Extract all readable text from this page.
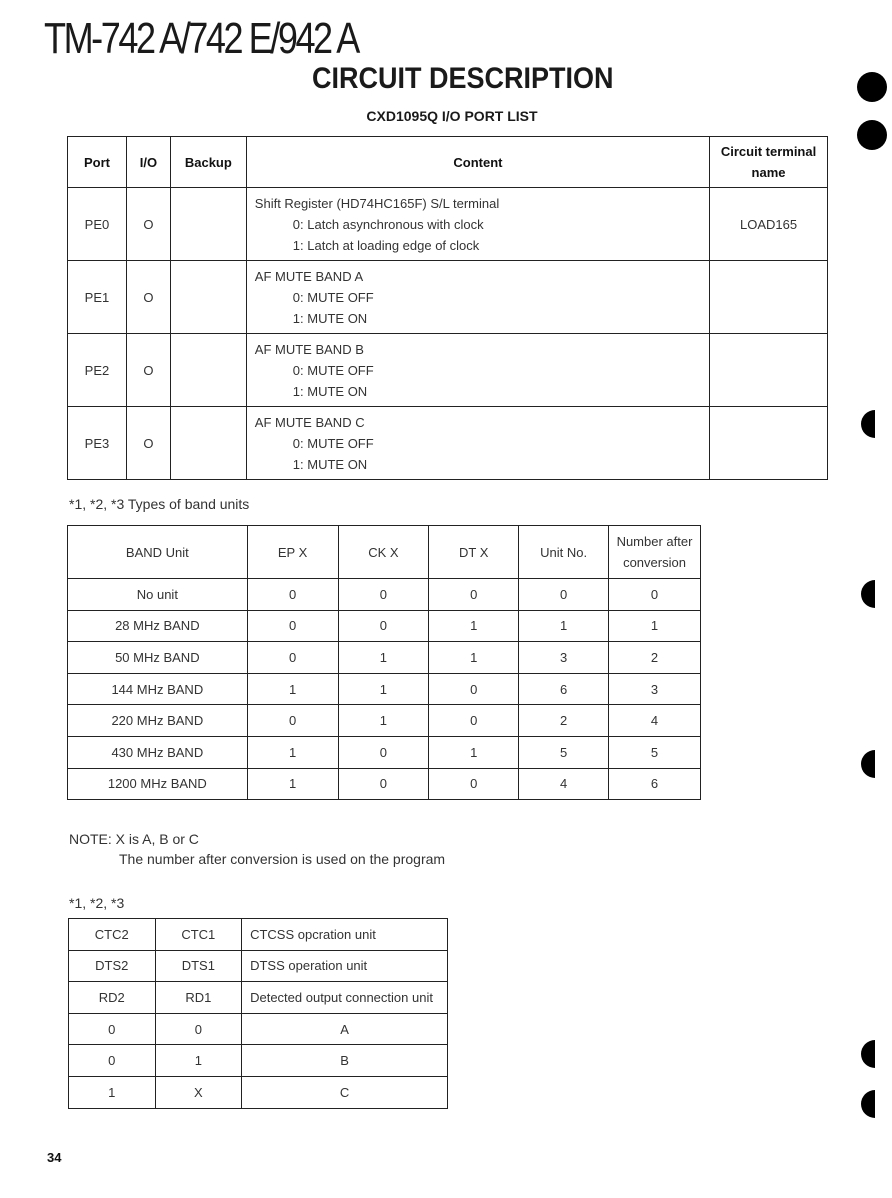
TM-742 A/742 E/942 A
CIRCUIT DESCRIPTION
CXD1095Q I/O PORT LIST
Port	I/O	Backup	Content	Circuit terminal name
PE0	O		Shift Register (HD74HC165F) S/L terminal
0: Latch asynchronous with clock
1: Latch at loading edge of clock	LOAD165
PE1	O		AF MUTE BAND A
0: MUTE OFF
1: MUTE ON	

PE2	O		AF MUTE BAND B
0: MUTE OFF
1: MUTE ON	

PE3	O		AF MUTE BAND C
0: MUTE OFF
1: MUTE ON	

*1, *2, *3 Types of band units
BAND Unit	EP X	CK X	DT X	Unit No.	Number after conversion
No unit	0	0	0	0	0
28 MHz BAND	0	0	1	1	1
50 MHz BAND	0	1	1	3	2
144 MHz BAND	1	1	0	6	3
220 MHz BAND	0	1	0	2	4
430 MHz BAND	1	0	1	5	5
1200 MHz BAND	1	0	0	4	6
NOTE: X is A, B or C
The number after conversion is used on the program
*1, *2, *3
CTC2	CTC1	CTCSS opcration unit
DTS2	DTS1	DTSS operation unit
RD2	RD1	Detected output connection unit
0	0	A
0	1	B
1	X	C
34
